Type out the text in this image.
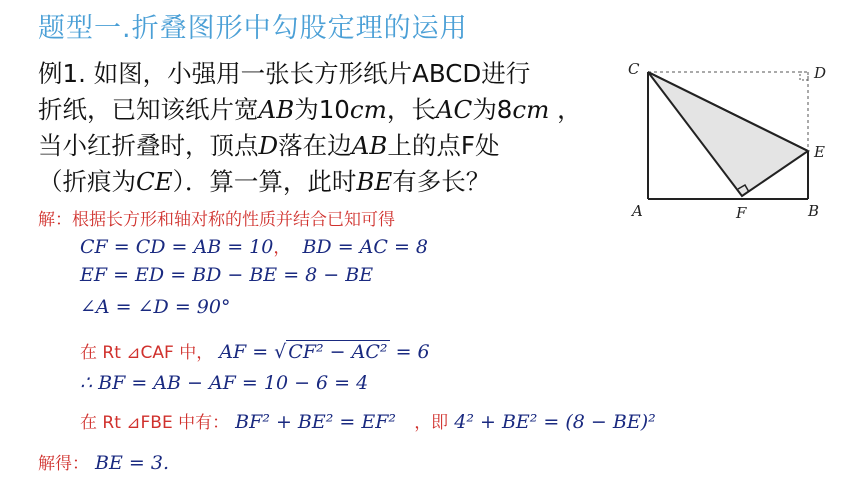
题型一.折叠图形中勾股定理的运用
例1. 如图，小强用一张长方形纸片ABCD进行
折纸，已知该纸片宽AB为10cm，长AC为8cm ，
当小红折叠时，顶点D落在边AB上的点F处
（折痕为CE）．算一算，此时BE有多长？
C	D
E
A	F	B
解：根据长方形和轴对称的性质并结合已知可得
CF = CD = AB = 10， BD = AC = 8
EF = ED = BD − BE = 8 − BE
∠A = ∠D = 90°
在 Rt ⊿CAF 中， AF = √ CF² − AC² = 6
∴ BF = AB − AF = 10 − 6 = 4
在 Rt ⊿FBE 中有： BF² + BE² = EF² ，即 4² + BE² = (8 − BE)²
解得： BE = 3.
